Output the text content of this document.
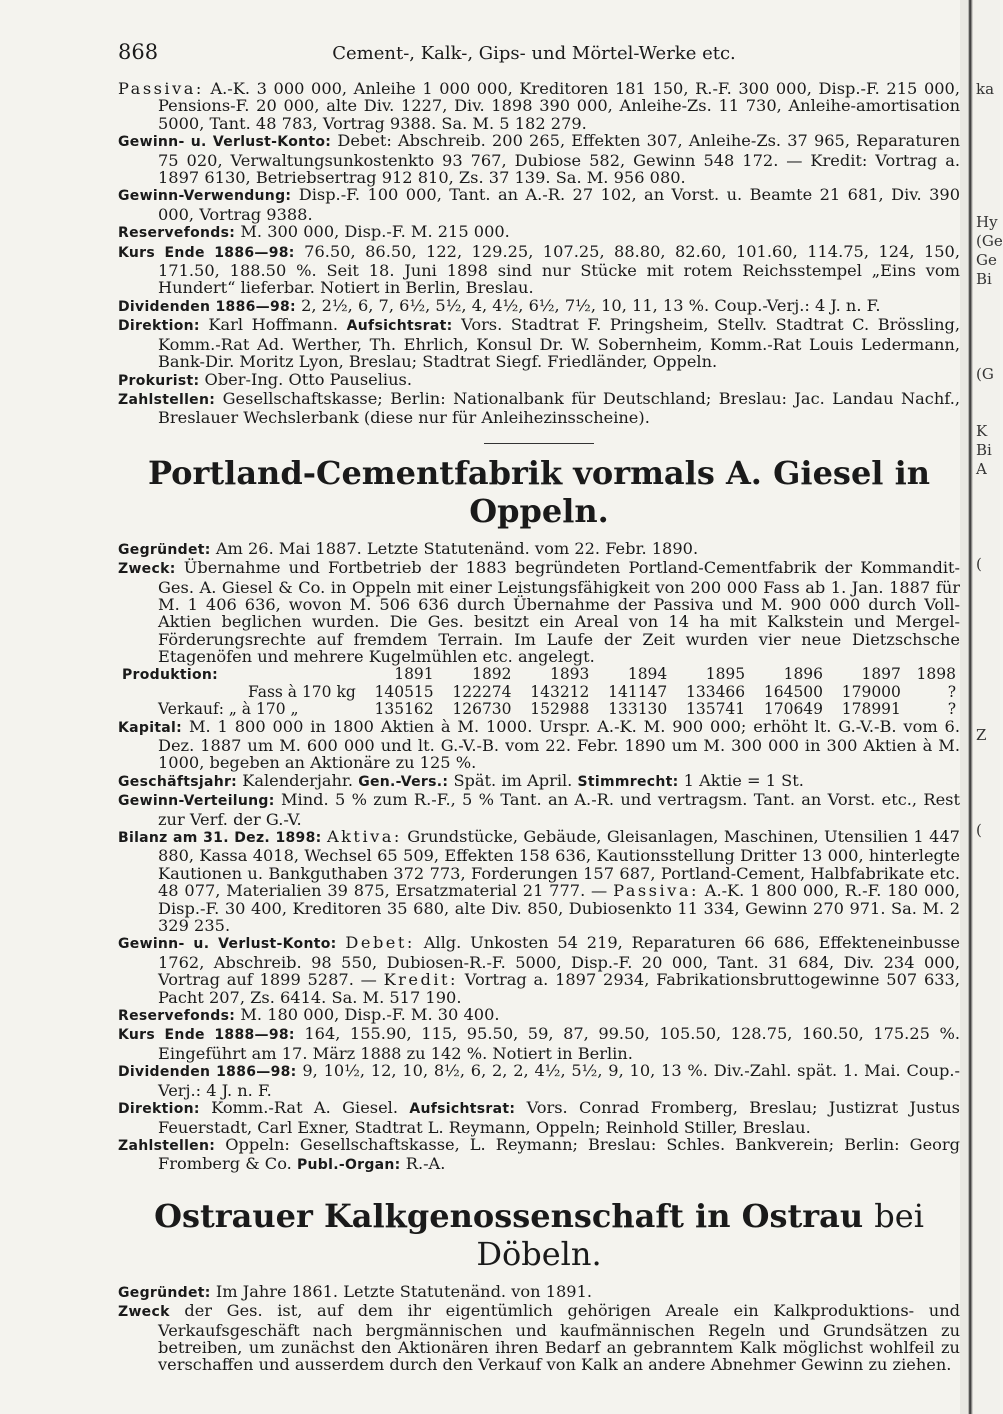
ka
Hy
(Ge
Ge
Bi
(G
K
Bi
A
(
Z
(
868	Cement-, Kalk-, Gips- und Mörtel-Werke etc.

Passiva: A.-K. 3 000 000, Anleihe 1 000 000, Kreditoren 181 150, R.-F. 300 000, Disp.-F. 215 000, Pensions-F. 20 000, alte Div. 1227, Div. 1898 390 000, Anleihe-Zs. 11 730, Anleihe-amortisation 5000, Tant. 48 783, Vortrag 9388. Sa. M. 5 182 279.

Gewinn- u. Verlust-Konto: Debet: Abschreib. 200 265, Effekten 307, Anleihe-Zs. 37 965, Reparaturen 75 020, Verwaltungsunkostenkto 93 767, Dubiose 582, Gewinn 548 172. — Kredit: Vortrag a. 1897 6130, Betriebsertrag 912 810, Zs. 37 139. Sa. M. 956 080.

Gewinn-Verwendung: Disp.-F. 100 000, Tant. an A.-R. 27 102, an Vorst. u. Beamte 21 681, Div. 390 000, Vortrag 9388.

Reservefonds: M. 300 000, Disp.-F. M. 215 000.

Kurs Ende 1886—98: 76.50, 86.50, 122, 129.25, 107.25, 88.80, 82.60, 101.60, 114.75, 124, 150, 171.50, 188.50 %. Seit 18. Juni 1898 sind nur Stücke mit rotem Reichsstempel „Eins vom Hundert“ lieferbar. Notiert in Berlin, Breslau.

Dividenden 1886—98: 2, 2½, 6, 7, 6½, 5½, 4, 4½, 6½, 7½, 10, 11, 13 %. Coup.-Verj.: 4 J. n. F.

Direktion: Karl Hoffmann. Aufsichtsrat: Vors. Stadtrat F. Pringsheim, Stellv. Stadtrat C. Brössling, Komm.-Rat Ad. Werther, Th. Ehrlich, Konsul Dr. W. Sobernheim, Komm.-Rat Louis Ledermann, Bank-Dir. Moritz Lyon, Breslau; Stadtrat Siegf. Friedländer, Oppeln.

Prokurist: Ober-Ing. Otto Pauselius.

Zahlstellen: Gesellschaftskasse; Berlin: Nationalbank für Deutschland; Breslau: Jac. Landau Nachf., Breslauer Wechslerbank (diese nur für Anleihezinsscheine).

Portland-Cementfabrik vormals A. Giesel in Oppeln.

Gegründet: Am 26. Mai 1887. Letzte Statutenänd. vom 22. Febr. 1890.

Zweck: Übernahme und Fortbetrieb der 1883 begründeten Portland-Cementfabrik der Kommandit-Ges. A. Giesel & Co. in Oppeln mit einer Leistungsfähigkeit von 200 000 Fass ab 1. Jan. 1887 für M. 1 406 636, wovon M. 506 636 durch Übernahme der Passiva und M. 900 000 durch Voll-Aktien beglichen wurden. Die Ges. besitzt ein Areal von 14 ha mit Kalkstein und Mergel-Förderungsrechte auf fremdem Terrain. Im Laufe der Zeit wurden vier neue Dietzschsche Etagenöfen und mehrere Kugelmühlen etc. angelegt.

Produktion:	1891	1892	1893	1894	1895	1896	1897	1898
Fass à 170 kg	140515	122274	143212	141147	133466	164500	179000	?
Verkauf: „ à 170 „	135162	126730	152988	133130	135741	170649	178991	?

Kapital: M. 1 800 000 in 1800 Aktien à M. 1000. Urspr. A.-K. M. 900 000; erhöht lt. G.-V.-B. vom 6. Dez. 1887 um M. 600 000 und lt. G.-V.-B. vom 22. Febr. 1890 um M. 300 000 in 300 Aktien à M. 1000, begeben an Aktionäre zu 125 %.

Geschäftsjahr: Kalenderjahr. Gen.-Vers.: Spät. im April. Stimmrecht: 1 Aktie = 1 St.

Gewinn-Verteilung: Mind. 5 % zum R.-F., 5 % Tant. an A.-R. und vertragsm. Tant. an Vorst. etc., Rest zur Verf. der G.-V.

Bilanz am 31. Dez. 1898: Aktiva: Grundstücke, Gebäude, Gleisanlagen, Maschinen, Utensilien 1 447 880, Kassa 4018, Wechsel 65 509, Effekten 158 636, Kautionsstellung Dritter 13 000, hinterlegte Kautionen u. Bankguthaben 372 773, Forderungen 157 687, Portland-Cement, Halbfabrikate etc. 48 077, Materialien 39 875, Ersatzmaterial 21 777. — Passiva: A.-K. 1 800 000, R.-F. 180 000, Disp.-F. 30 400, Kreditoren 35 680, alte Div. 850, Dubiosenkto 11 334, Gewinn 270 971. Sa. M. 2 329 235.

Gewinn- u. Verlust-Konto: Debet: Allg. Unkosten 54 219, Reparaturen 66 686, Effekteneinbusse 1762, Abschreib. 98 550, Dubiosen-R.-F. 5000, Disp.-F. 20 000, Tant. 31 684, Div. 234 000, Vortrag auf 1899 5287. — Kredit: Vortrag a. 1897 2934, Fabrikationsbruttogewinne 507 633, Pacht 207, Zs. 6414. Sa. M. 517 190.

Reservefonds: M. 180 000, Disp.-F. M. 30 400.

Kurs Ende 1888—98: 164, 155.90, 115, 95.50, 59, 87, 99.50, 105.50, 128.75, 160.50, 175.25 %. Eingeführt am 17. März 1888 zu 142 %. Notiert in Berlin.

Dividenden 1886—98: 9, 10½, 12, 10, 8½, 6, 2, 2, 4½, 5½, 9, 10, 13 %. Div.-Zahl. spät. 1. Mai. Coup.-Verj.: 4 J. n. F.

Direktion: Komm.-Rat A. Giesel. Aufsichtsrat: Vors. Conrad Fromberg, Breslau; Justizrat Justus Feuerstadt, Carl Exner, Stadtrat L. Reymann, Oppeln; Reinhold Stiller, Breslau.

Zahlstellen: Oppeln: Gesellschaftskasse, L. Reymann; Breslau: Schles. Bankverein; Berlin: Georg Fromberg & Co. Publ.-Organ: R.-A.

Ostrauer Kalkgenossenschaft in Ostrau bei Döbeln.

Gegründet: Im Jahre 1861. Letzte Statutenänd. von 1891.

Zweck der Ges. ist, auf dem ihr eigentümlich gehörigen Areale ein Kalkproduktions- und Verkaufsgeschäft nach bergmännischen und kaufmännischen Regeln und Grundsätzen zu betreiben, um zunächst den Aktionären ihren Bedarf an gebranntem Kalk möglichst wohlfeil zu verschaffen und ausserdem durch den Verkauf von Kalk an andere Abnehmer Gewinn zu ziehen.
